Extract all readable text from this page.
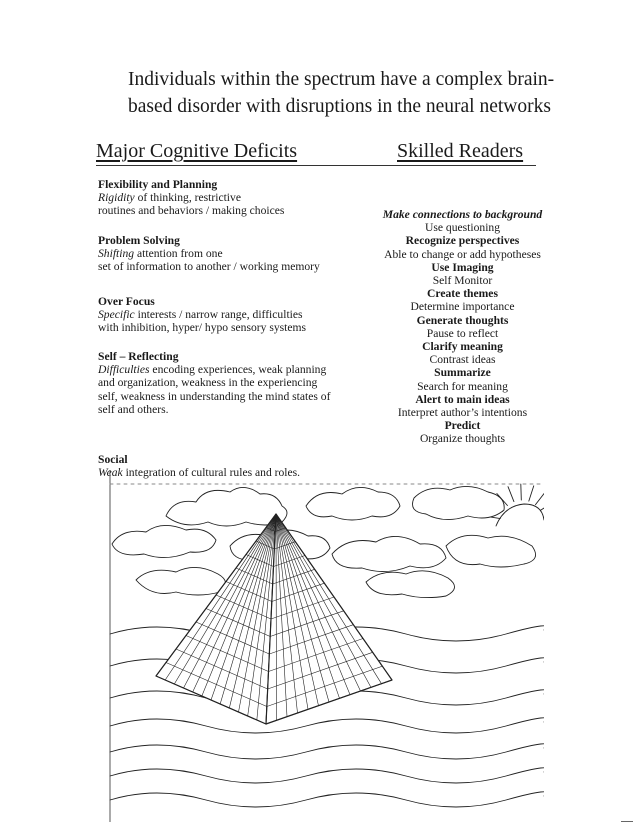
Individuals within the spectrum have a complex brain-
based disorder with disruptions in the neural networks
Major Cognitive Deficits	Skilled Readers
Flexibility and Planning
Rigidity of thinking, restrictive
routines and behaviors / making choices
Problem Solving
Shifting attention from one
set of information to another / working memory
Over Focus
Specific interests / narrow range, difficulties
with inhibition, hyper/ hypo sensory systems
Self – Reflecting
Difficulties encoding experiences, weak planning
and organization, weakness in the experiencing
self, weakness in understanding the mind states of
self and others.
Social
Weak integration of cultural rules and roles.
Make connections to background
Use questioning
Recognize perspectives
Able to change or add hypotheses
Use Imaging
Self Monitor
Create themes
Determine importance
Generate thoughts
Pause to reflect
Clarify meaning
Contrast ideas
Summarize
Search for meaning
Alert to main ideas
Interpret author’s intentions
Predict
Organize thoughts
